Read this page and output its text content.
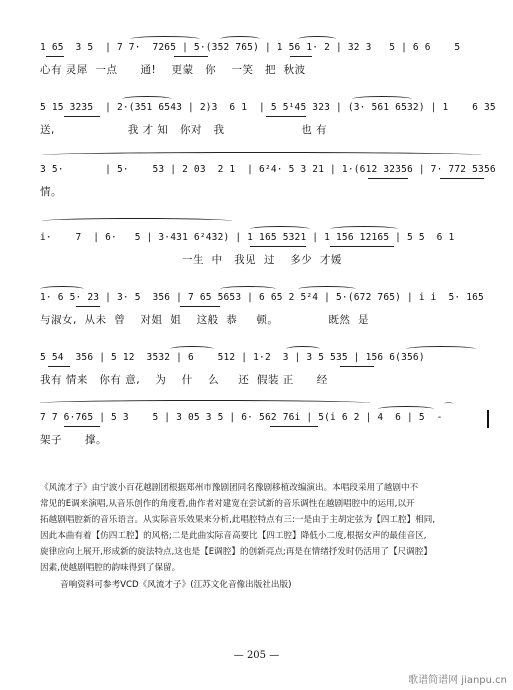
1 65  3 5  | 7 7·  7265 | 5·(352 765) | 1 56 1· 2 | 32 3   5 | 6 6    5
心有 灵犀  一点      通!    更蒙   你    一笑   把  秋波
5 15 3235  | 2·(351 6543 | 2)3  6 1  | 5 5¹45 323 | (3· 561 6532) | 1    6 35
送,                   我 才 知   你对   我                    也 有
3 5·       | 5·    53 | 2 03  2 1  | 6²4· 5 3 21 | 1·(612 32356 | 7· 772 5356
情。
i·    7  | 6·   5 | 3·431 6²432) | 1 165 5321 | 1 156 12165 | 5 5  6 1
一生  中   我见  过    多少  才媛
1· 6 5· 23 | 3· 5  356 | 7 65 5653 | 6 65 2 5²4 | 5·(672 765) | i i  5· 165
与淑女,  从未  曾    对姐  姐    这般  恭     顿。             既然  是
5 54  356 | 5 12  3532 | 6    512 | 1·2  3 | 3 5 535 | 156 6(356)
我有 情来   你有 意,    为    什    么     还  假装 正      经
7 7 6·765 | 5 3    5 | 3 05 3 5 | 6· 562 76i | 5(i 6 2 | 4  6 | 5  -
架子      撑。
⌒

《风流才子》由宁波小百花越剧团根据郑州市豫剧团同名豫剧移植改编演出。本唱段采用了越剧中不

常见的E调来演唱,从音乐创作的角度看,曲作者对建宽在尝试新的音乐调性在越剧唱腔中的运用,以开

拓越剧唱腔新的音乐语言。从实际音乐效果来分析,此唱腔特点有三:一是由于主胡定弦为【四工腔】相同,

因此本曲有着【仿四工腔】的风格;二是此曲实际音高要比【四工腔】降低小二度,根据女声的最佳音区,

旋律应向上展开,形成新的旋法特点,这也是【E调腔】的创新亮点;再是在情绪抒发时仍活用了【尺调腔】

因素,使越剧唱腔的韵味得到了保留。

音响资料可参考VCD《风流才子》(江苏文化音像出版社出版)
— 205 —
歌谱简谱网 jianpu.cn
